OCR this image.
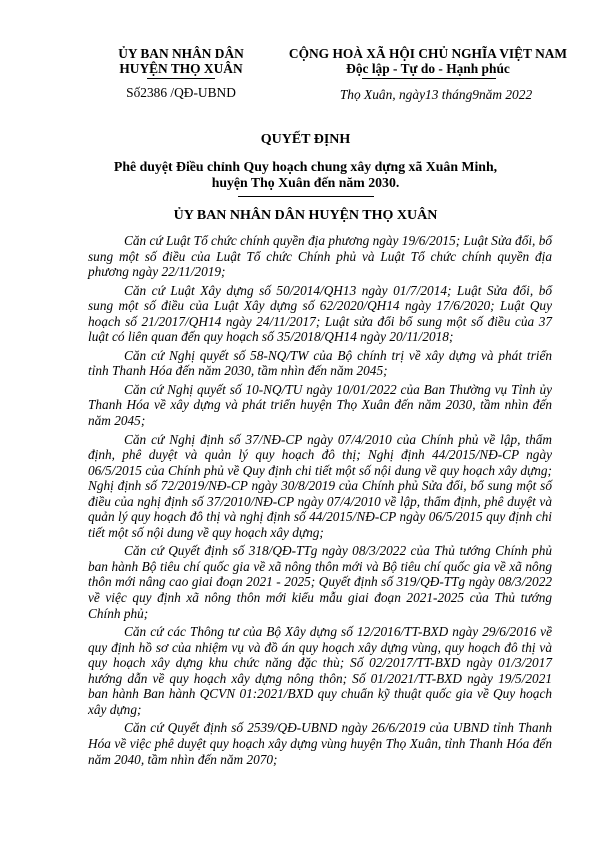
ỦY BAN NHÂN DÂN
HUYỆN THỌ XUÂN
Số2386 /QĐ-UBND
CỘNG HOÀ XÃ HỘI CHỦ NGHĨA VIỆT NAM
Độc lập - Tự do - Hạnh phúc
Thọ Xuân, ngày13 tháng9năm 2022
QUYẾT ĐỊNH
Phê duyệt Điều chỉnh Quy hoạch chung xây dựng xã Xuân Minh,
huyện Thọ Xuân đến năm 2030.
ỦY BAN NHÂN DÂN HUYỆN THỌ XUÂN

Căn cứ Luật Tổ chức chính quyền địa phương ngày 19/6/2015; Luật Sửa đổi, bổ sung một số điều của Luật Tổ chức Chính phủ và Luật Tổ chức chính quyền địa phương ngày 22/11/2019;

Căn cứ Luật Xây dựng số 50/2014/QH13 ngày 01/7/2014; Luật Sửa đổi, bổ sung một số điều của Luật Xây dựng số 62/2020/QH14 ngày 17/6/2020; Luật Quy hoạch số 21/2017/QH14 ngày 24/11/2017; Luật sửa đổi bổ sung một số điều của 37 luật có liên quan đến quy hoạch số 35/2018/QH14 ngày 20/11/2018;

Căn cứ Nghị quyết số 58-NQ/TW của Bộ chính trị về xây dựng và phát triển tỉnh Thanh Hóa đến năm 2030, tầm nhìn đến năm 2045;

Căn cứ Nghị quyết số 10-NQ/TU ngày 10/01/2022 của Ban Thường vụ Tỉnh ủy Thanh Hóa về xây dựng và phát triển huyện Thọ Xuân đến năm 2030, tầm nhìn đến năm 2045;

Căn cứ Nghị định số 37/NĐ-CP ngày 07/4/2010 của Chính phủ về lập, thẩm định, phê duyệt và quản lý quy hoạch đô thị; Nghị định 44/2015/NĐ-CP ngày 06/5/2015 của Chính phủ về Quy định chi tiết một số nội dung về quy hoạch xây dựng; Nghị định số 72/2019/NĐ-CP ngày 30/8/2019 của Chính phủ Sửa đổi, bổ sung một số điều của nghị định số 37/2010/NĐ-CP ngày 07/4/2010 về lập, thẩm định, phê duyệt và quản lý quy hoạch đô thị và nghị định số 44/2015/NĐ-CP ngày 06/5/2015 quy định chi tiết một số nội dung về quy hoạch xây dựng;

Căn cứ Quyết định số 318/QĐ-TTg ngày 08/3/2022 của Thủ tướng Chính phủ ban hành Bộ tiêu chí quốc gia về xã nông thôn mới và Bộ tiêu chí quốc gia về xã nông thôn mới nâng cao giai đoạn 2021 - 2025; Quyết định số 319/QĐ-TTg ngày 08/3/2022 về việc quy định xã nông thôn mới kiểu mẫu giai đoạn 2021-2025 của Thủ tướng Chính phủ;

Căn cứ các Thông tư của Bộ Xây dựng số 12/2016/TT-BXD ngày 29/6/2016 về quy định hồ sơ của nhiệm vụ và đồ án quy hoạch xây dựng vùng, quy hoạch đô thị và quy hoạch xây dựng khu chức năng đặc thù; Số 02/2017/TT-BXD ngày 01/3/2017 hướng dẫn về quy hoạch xây dựng nông thôn; Số 01/2021/TT-BXD ngày 19/5/2021 ban hành Ban hành QCVN 01:2021/BXD quy chuẩn kỹ thuật quốc gia về Quy hoạch xây dựng;

Căn cứ Quyết định số 2539/QĐ-UBND ngày 26/6/2019 của UBND tỉnh Thanh Hóa về việc phê duyệt quy hoạch xây dựng vùng huyện Thọ Xuân, tỉnh Thanh Hóa đến năm 2040, tầm nhìn đến năm 2070;
